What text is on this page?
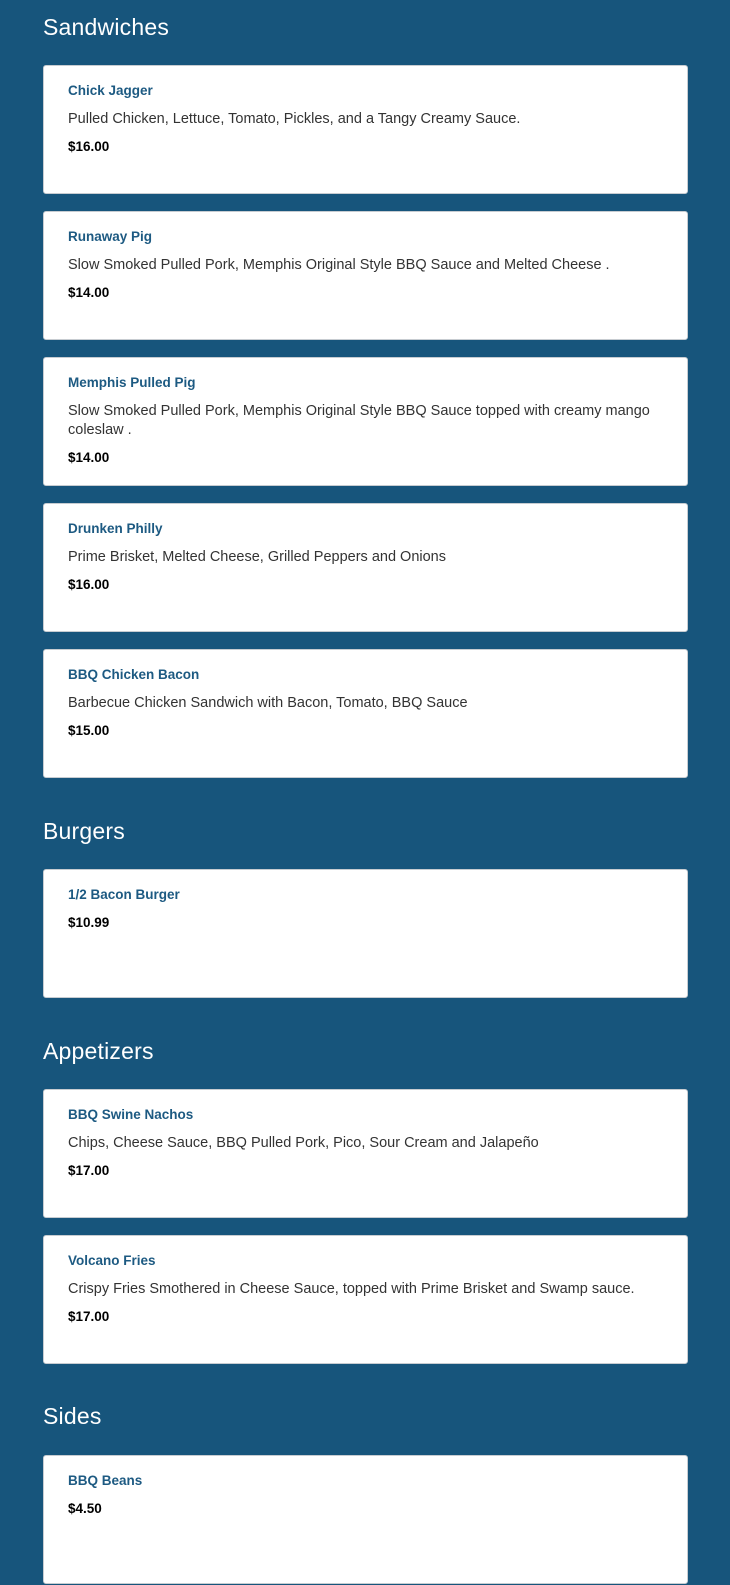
Sandwiches

Chick Jagger

Pulled Chicken, Lettuce, Tomato, Pickles, and a Tangy Creamy Sauce.

$16.00

Runaway Pig

Slow Smoked Pulled Pork, Memphis Original Style BBQ Sauce and Melted Cheese .

$14.00

Memphis Pulled Pig

Slow Smoked Pulled Pork, Memphis Original Style BBQ Sauce topped with creamy mango coleslaw .

$14.00

Drunken Philly

Prime Brisket, Melted Cheese, Grilled Peppers and Onions

$16.00

BBQ Chicken Bacon

Barbecue Chicken Sandwich with Bacon, Tomato, BBQ Sauce

$15.00

Burgers

1/2 Bacon Burger

$10.99

Appetizers

BBQ Swine Nachos

Chips, Cheese Sauce, BBQ Pulled Pork, Pico, Sour Cream and Jalapeño

$17.00

Volcano Fries

Crispy Fries Smothered in Cheese Sauce, topped with Prime Brisket and Swamp sauce.

$17.00

Sides

BBQ Beans

$4.50
